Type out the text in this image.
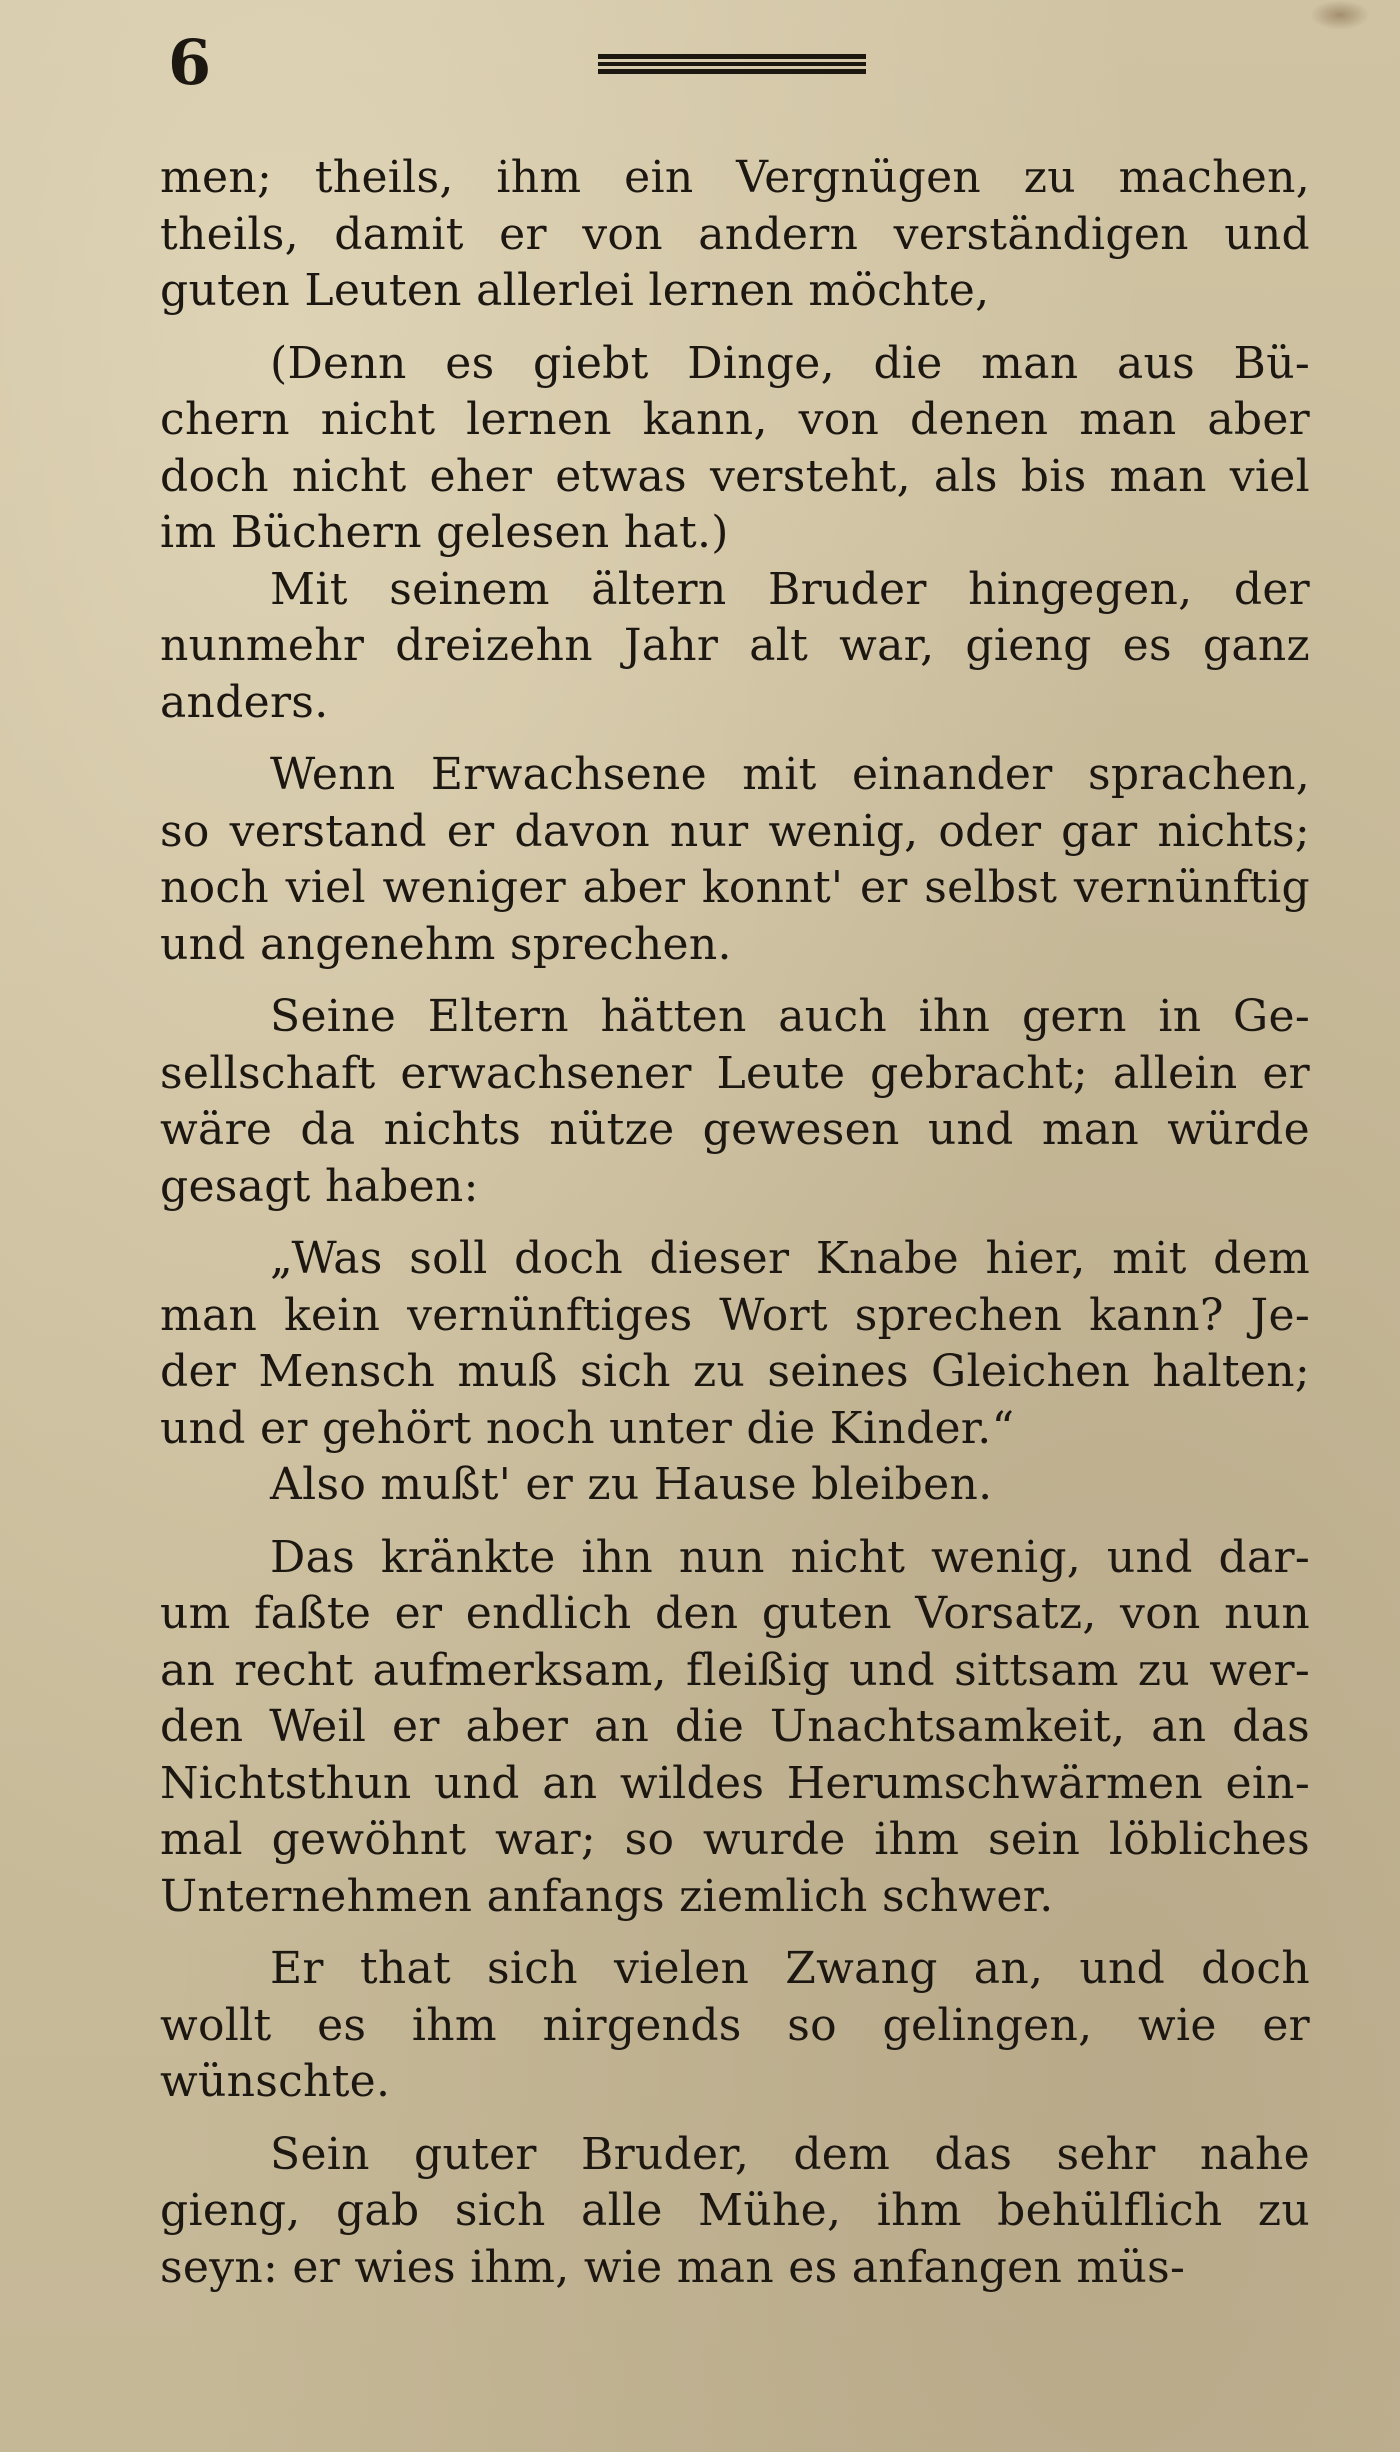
6
men; theils, ihm ein Vergnügen zu machen,
theils, damit er von andern verständigen und
guten Leuten allerlei lernen möchte,
(Denn es giebt Dinge, die man aus Bü-
chern nicht lernen kann, von denen man aber
doch nicht eher etwas versteht, als bis man viel
im Büchern gelesen hat.)
Mit seinem ältern Bruder hingegen, der
nunmehr dreizehn Jahr alt war, gieng es ganz
anders.
Wenn Erwachsene mit einander sprachen,
so verstand er davon nur wenig, oder gar nichts;
noch viel weniger aber konnt' er selbst vernünftig
und angenehm sprechen.
Seine Eltern hätten auch ihn gern in Ge-
sellschaft erwachsener Leute gebracht; allein er
wäre da nichts nütze gewesen und man würde
gesagt haben:
„Was soll doch dieser Knabe hier, mit dem
man kein vernünftiges Wort sprechen kann? Je-
der Mensch muß sich zu seines Gleichen halten;
und er gehört noch unter die Kinder.“
Also mußt' er zu Hause bleiben.
Das kränkte ihn nun nicht wenig, und dar-
um faßte er endlich den guten Vorsatz, von nun
an recht aufmerksam, fleißig und sittsam zu wer-
den Weil er aber an die Unachtsamkeit, an das
Nichtsthun und an wildes Herumschwärmen ein-
mal gewöhnt war; so wurde ihm sein löbliches
Unternehmen anfangs ziemlich schwer.
Er that sich vielen Zwang an, und doch
wollt es ihm nirgends so gelingen, wie er
wünschte.
Sein guter Bruder, dem das sehr nahe
gieng, gab sich alle Mühe, ihm behülflich zu
seyn: er wies ihm, wie man es anfangen müs-
